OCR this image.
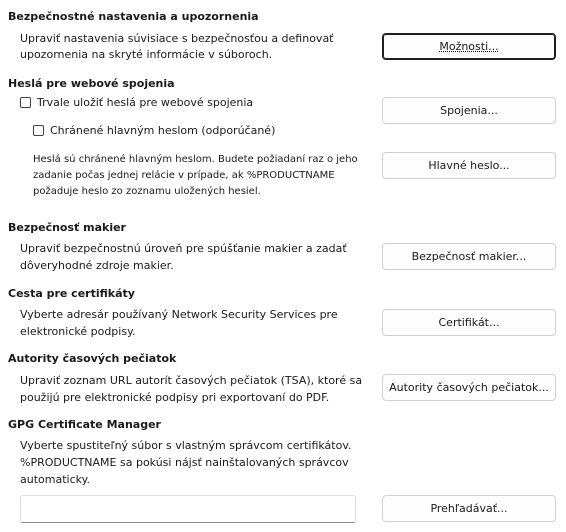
Bezpečnostné nastavenia a upozornenia
Upraviť nastavenia súvisiace s bezpečnosťou a definovať
upozornenia na skryté informácie v súboroch.
Možnosti...
Heslá pre webové spojenia
Trvale uložiť heslá pre webové spojenia
Chránené hlavným heslom (odporúčané)
Spojenia...
Heslá sú chránené hlavným heslom. Budete požiadaní raz o jeho
zadanie počas jednej relácie v prípade, ak %PRODUCTNAME
požaduje heslo zo zoznamu uložených hesiel.
Hlavné heslo...
Bezpečnosť makier
Upraviť bezpečnostnú úroveň pre spúšťanie makier a zadať
dôveryhodné zdroje makier.
Bezpečnosť makier...
Cesta pre certifikáty
Vyberte adresár používaný Network Security Services pre
elektronické podpisy.
Certifikát...
Autority časových pečiatok
Upraviť zoznam URL autorít časových pečiatok (TSA), ktoré sa
použijú pre elektronické podpisy pri exportovaní do PDF.
Autority časových pečiatok...
GPG Certificate Manager
Vyberte spustiteľný súbor s vlastným správcom certifikátov.
%PRODUCTNAME sa pokúsi nájsť nainštalovaných správcov
automaticky.
Prehľadávať...
